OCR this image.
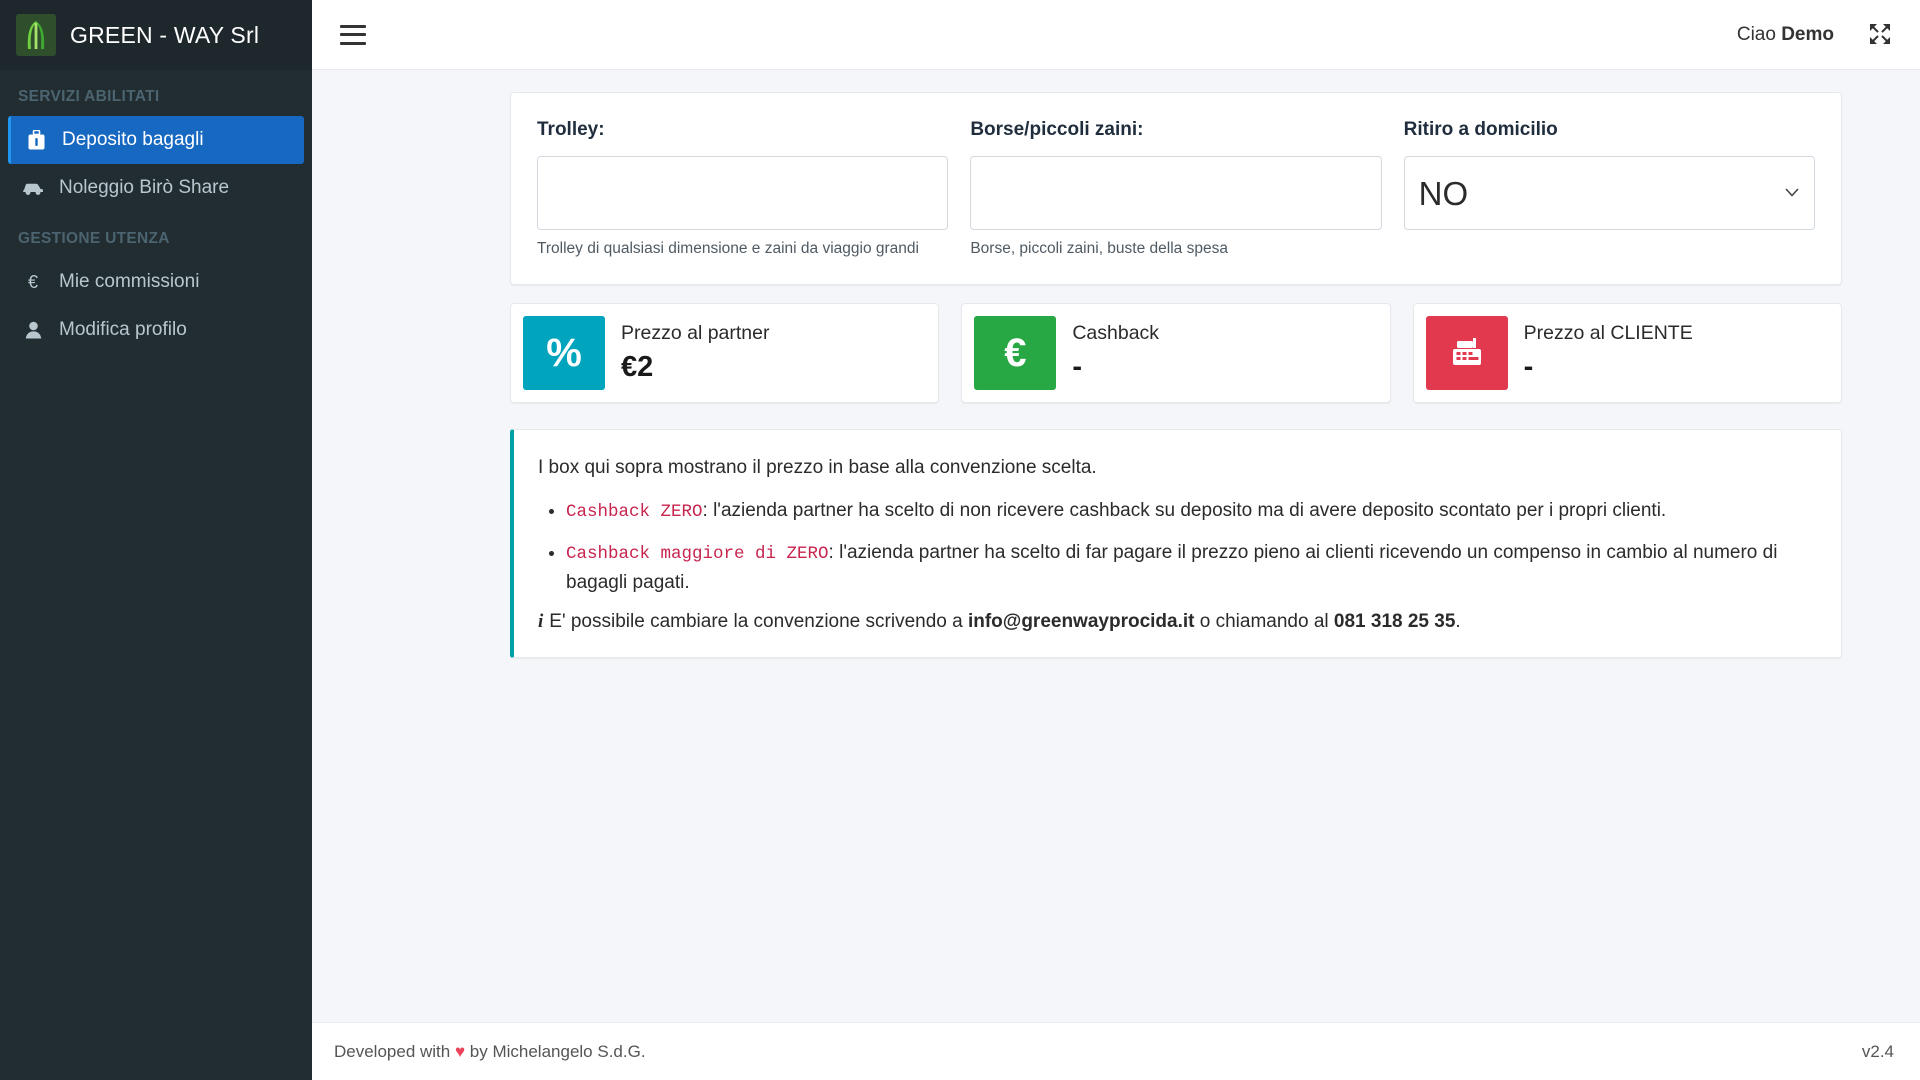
GREEN - WAY Srl
SERVIZI ABILITATI
Deposito bagagli
Noleggio Birò Share
GESTIONE UTENZA
€	Mie commissioni
Modifica profilo
Ciao Demo
Trolley:
Trolley di qualsiasi dimensione e zaini da viaggio grandi
Borse/piccoli zaini:
Borse, piccoli zaini, buste della spesa
Ritiro a domicilio
NO
%	Prezzo al partner
€2	€	Cashback
-
Prezzo al CLIENTE
-

I box qui sopra mostrano il prezzo in base alla convenzione scelta.

• Cashback ZERO: l'azienda partner ha scelto di non ricevere cashback su deposito ma di avere deposito scontato per i propri clienti.
• Cashback maggiore di ZERO: l'azienda partner ha scelto di far pagare il prezzo pieno ai clienti ricevendo un compenso in cambio al numero di bagagli pagati.
i E' possibile cambiare la convenzione scrivendo a info@greenwayprocida.it o chiamando al 081 318 25 35.
Developed with ♥ by Michelangelo S.d.G.	v2.4
